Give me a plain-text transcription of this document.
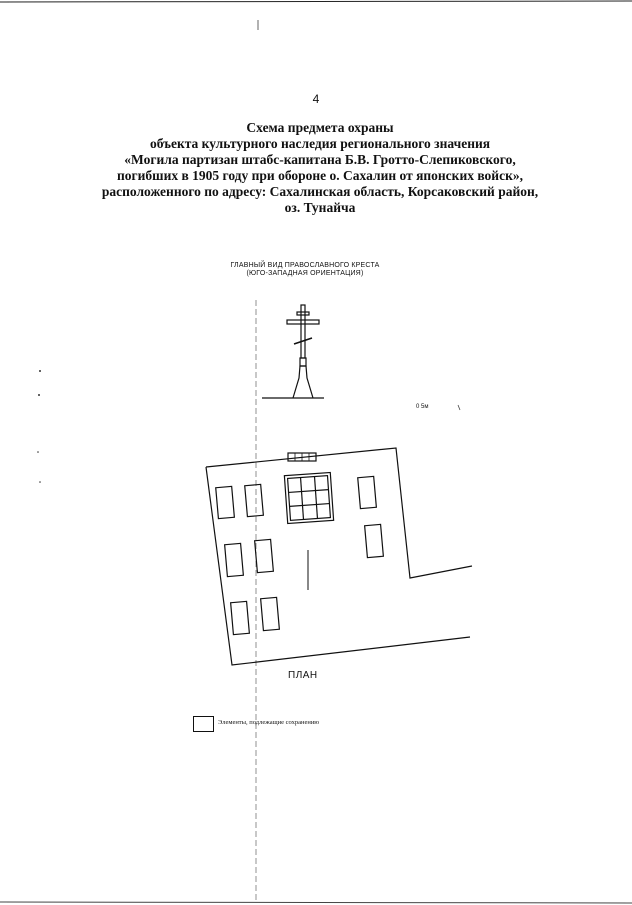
4
Схема предмета охраны
объекта культурного наследия регионального значения
«Могила партизан штабс-капитана Б.В. Гротто-Слепиковского,
погибших в 1905 году при обороне о. Сахалин от японских войск»,
расположенного по адресу: Сахалинская область, Корсаковский район,
оз. Тунайча
ГЛАВНЫЙ ВИД ПРАВОСЛАВНОГО КРЕСТА
(ЮГО-ЗАПАДНАЯ ОРИЕНТАЦИЯ)
0 5м
ПЛАН
Элементы, подлежащие сохранению
